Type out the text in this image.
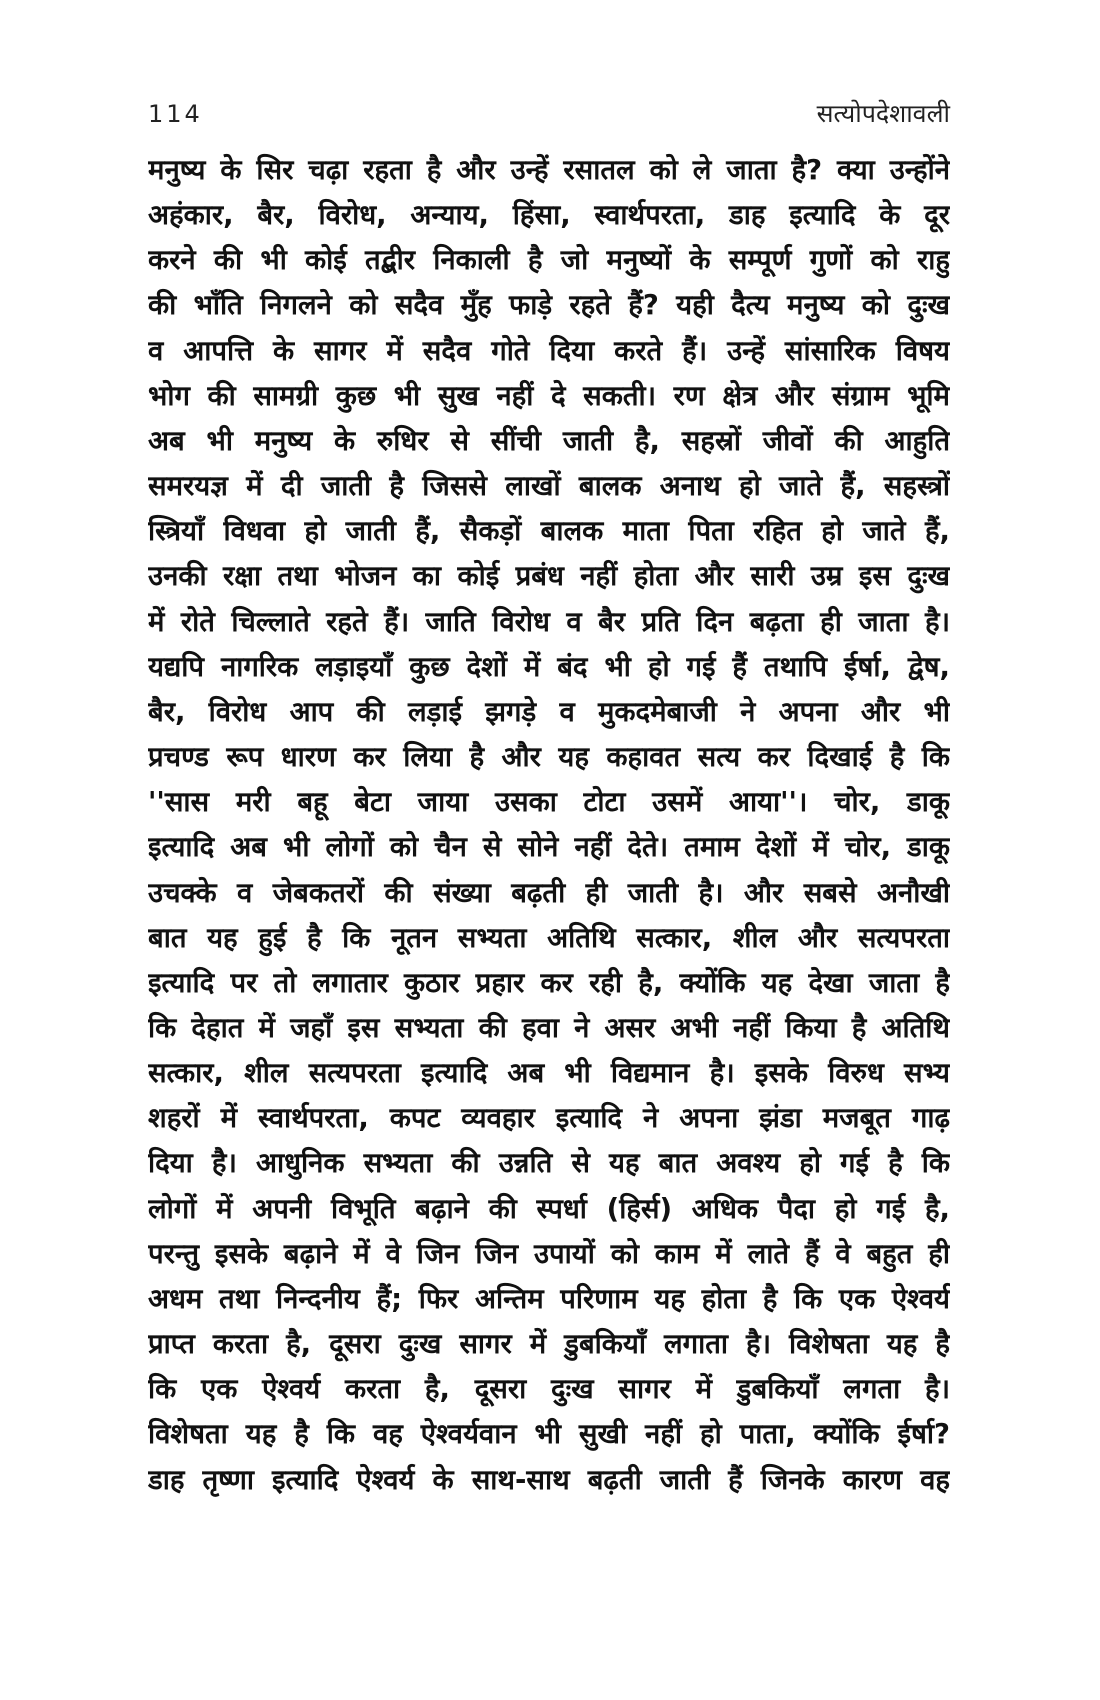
114	सत्योपदेशावली
मनुष्य के सिर चढ़ा रहता है और उन्हें रसातल को ले जाता है? क्या उन्होंने
अहंकार, बैर, विरोध, अन्याय, हिंसा, स्वार्थपरता, डाह इत्यादि के दूर
करने की भी कोई तद्बीर निकाली है जो मनुष्यों के सम्पूर्ण गुणों को राहु
की भाँति निगलने को सदैव मुँह फाड़े रहते हैं? यही दैत्य मनुष्य को दुःख
व आपत्ति के सागर में सदैव गोते दिया करते हैं। उन्हें सांसारिक विषय
भोग की सामग्री कुछ भी सुख नहीं दे सकती। रण क्षेत्र और संग्राम भूमि
अब भी मनुष्य के रुधिर से सींची जाती है, सहस्रों जीवों की आहुति
समरयज्ञ में दी जाती है जिससे लाखों बालक अनाथ हो जाते हैं, सहस्त्रों
स्त्रियाँ विधवा हो जाती हैं, सैकड़ों बालक माता पिता रहित हो जाते हैं,
उनकी रक्षा तथा भोजन का कोई प्रबंध नहीं होता और सारी उम्र इस दुःख
में रोते चिल्लाते रहते हैं। जाति विरोध व बैर प्रति दिन बढ़ता ही जाता है।
यद्यपि नागरिक लड़ाइयाँ कुछ देशों में बंद भी हो गई हैं तथापि ईर्षा, द्वेष,
बैर, विरोध आप की लड़ाई झगड़े व मुकदमेबाजी ने अपना और भी
प्रचण्ड रूप धारण कर लिया है और यह कहावत सत्य कर दिखाई है कि
''सास मरी बहू बेटा जाया उसका टोटा उसमें आया''। चोर, डाकू
इत्यादि अब भी लोगों को चैन से सोने नहीं देते। तमाम देशों में चोर, डाकू
उचक्के व जेबकतरों की संख्या बढ़ती ही जाती है। और सबसे अनौखी
बात यह हुई है कि नूतन सभ्यता अतिथि सत्कार, शील और सत्यपरता
इत्यादि पर तो लगातार कुठार प्रहार कर रही है, क्योंकि यह देखा जाता है
कि देहात में जहाँ इस सभ्यता की हवा ने असर अभी नहीं किया है अतिथि
सत्कार, शील सत्यपरता इत्यादि अब भी विद्यमान है। इसके विरुध सभ्य
शहरों में स्वार्थपरता, कपट व्यवहार इत्यादि ने अपना झंडा मजबूत गाढ़
दिया है। आधुनिक सभ्यता की उन्नति से यह बात अवश्य हो गई है कि
लोगों में अपनी विभूति बढ़ाने की स्पर्धा (हिर्स) अधिक पैदा हो गई है,
परन्तु इसके बढ़ाने में वे जिन जिन उपायों को काम में लाते हैं वे बहुत ही
अधम तथा निन्दनीय हैं; फिर अन्तिम परिणाम यह होता है कि एक ऐश्वर्य
प्राप्त करता है, दूसरा दुःख सागर में डुबकियाँ लगाता है। विशेषता यह है
कि एक ऐश्वर्य करता है, दूसरा दुःख सागर में डुबकियाँ लगता है।
विशेषता यह है कि वह ऐश्वर्यवान भी सुखी नहीं हो पाता, क्योंकि ईर्षा?
डाह तृष्णा इत्यादि ऐश्वर्य के साथ-साथ बढ़ती जाती हैं जिनके कारण वह
